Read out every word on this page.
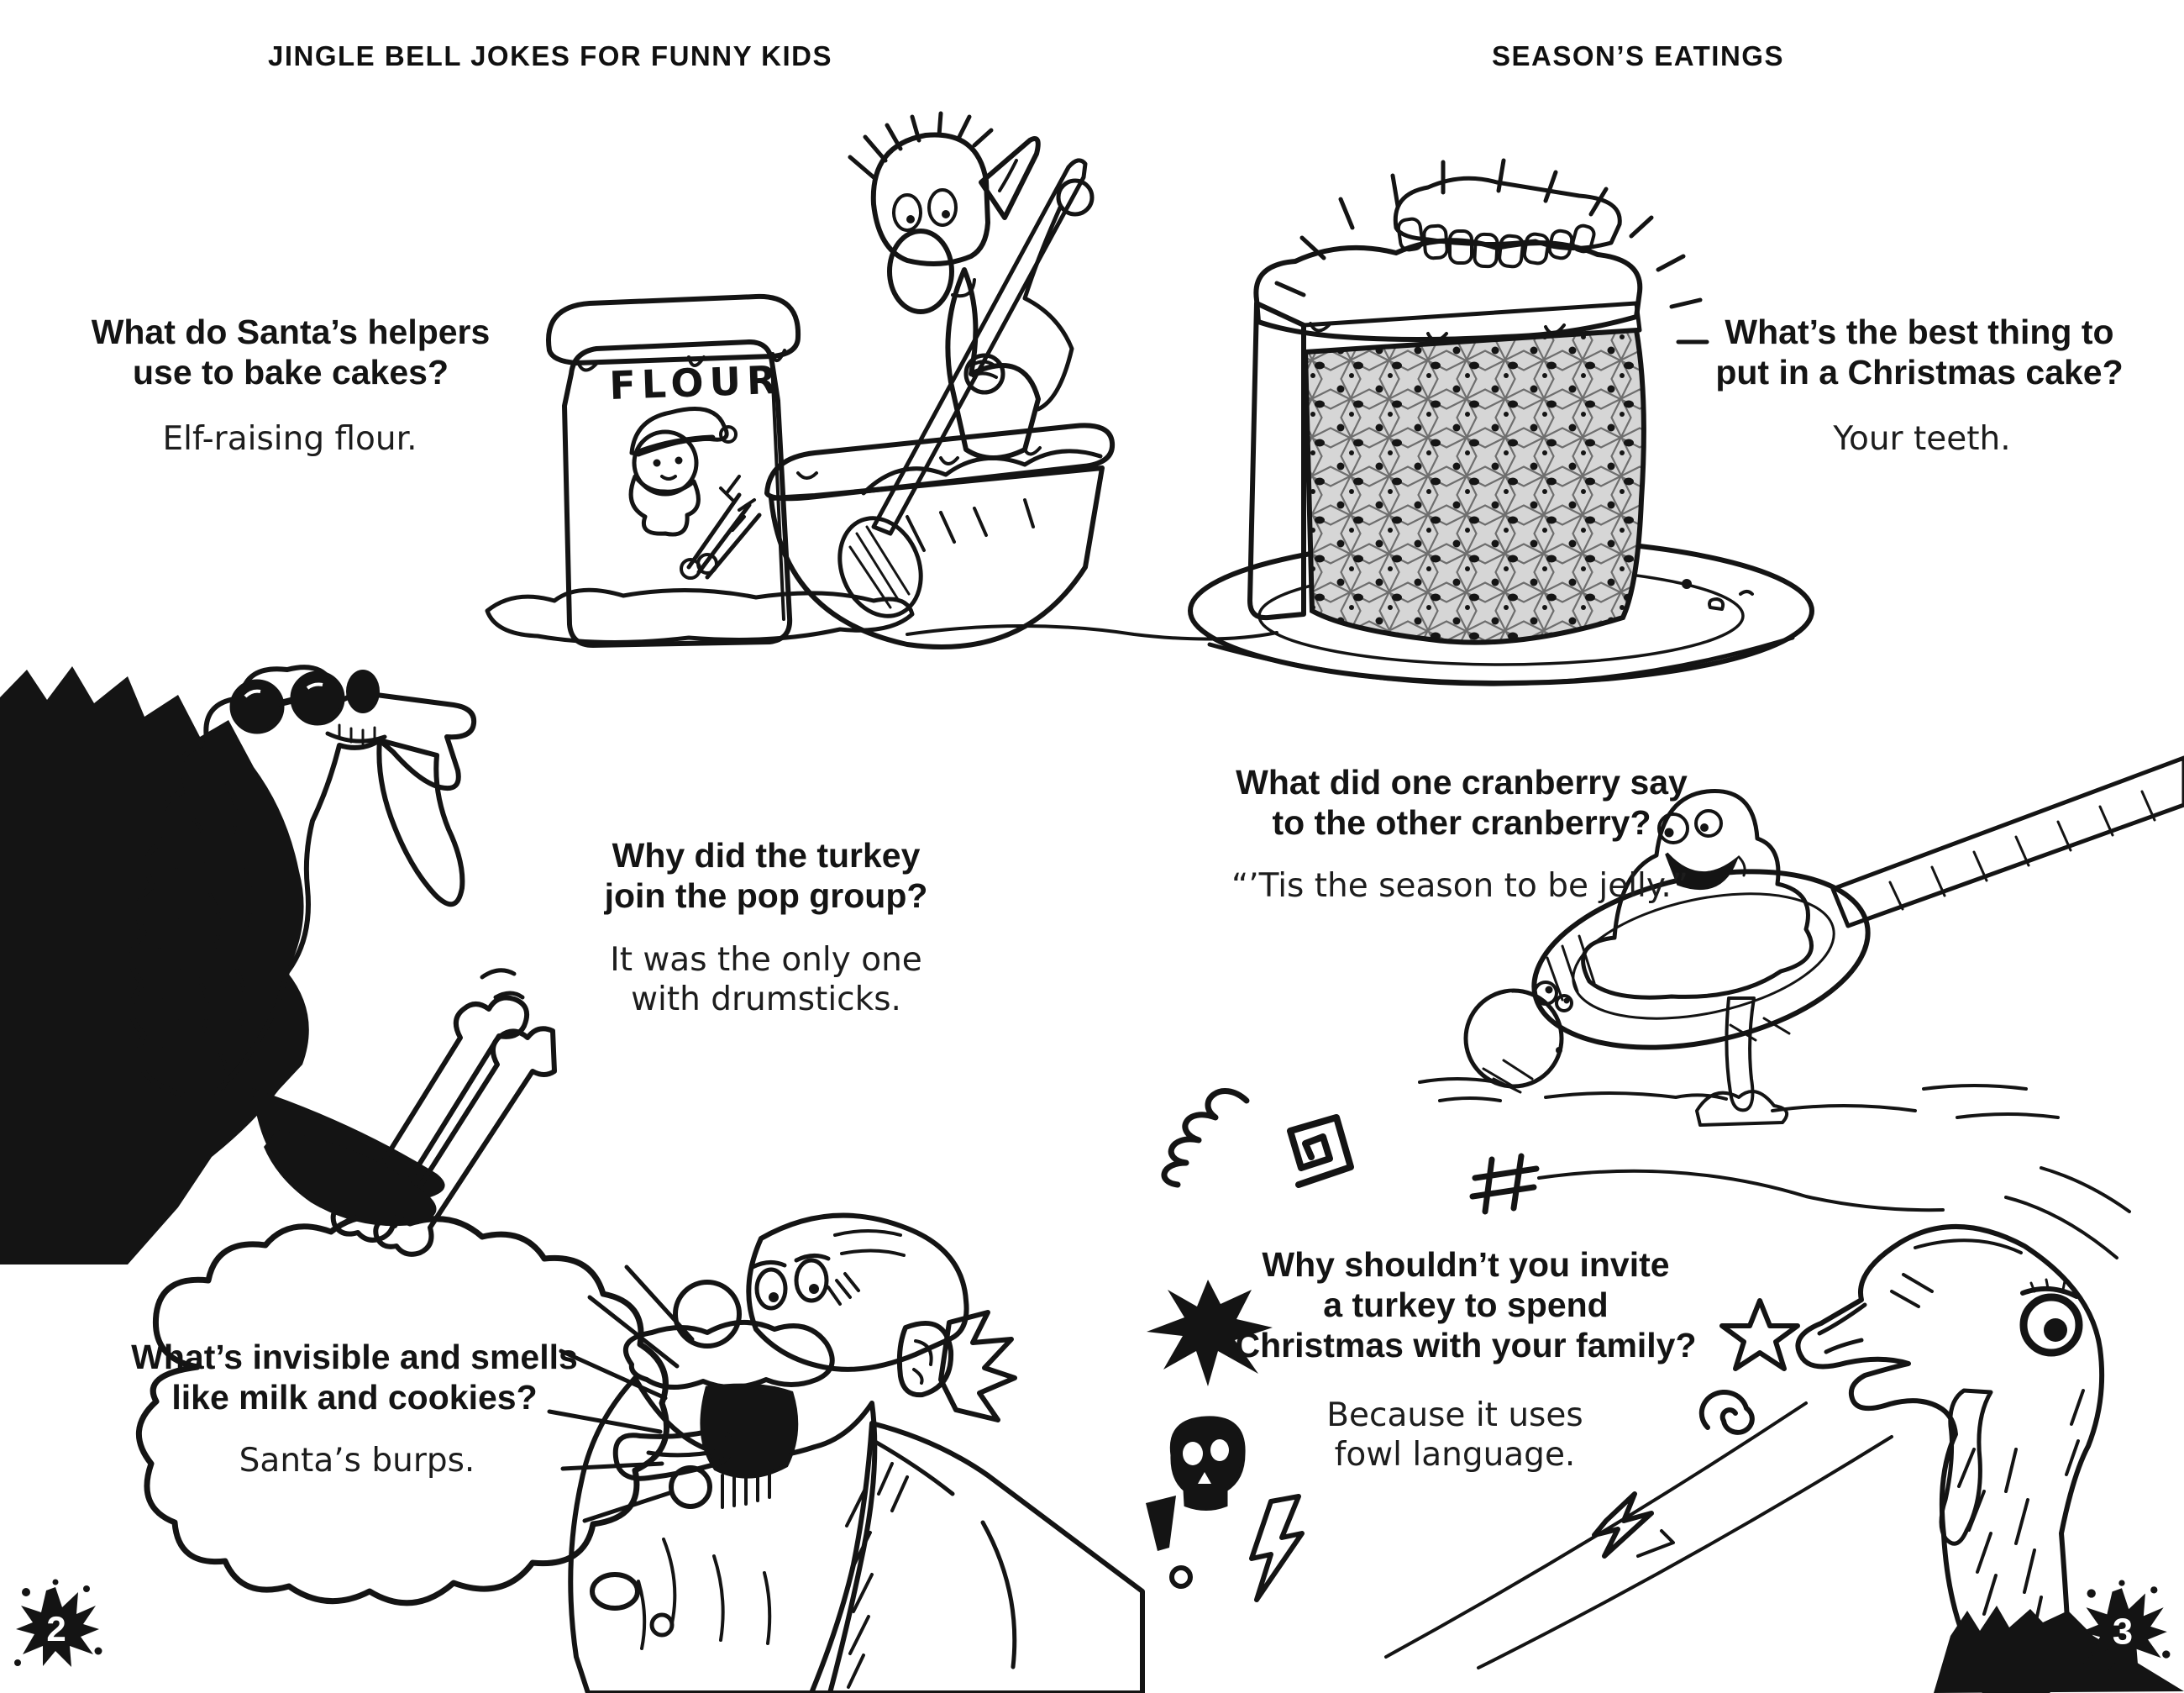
JINGLE BELL JOKES FOR FUNNY KIDS	SEASON’S EATINGS
FLOUR
What do Santa’s helpers
use to bake cakes?
Elf-raising flour.
Why did the turkey
join the pop group?
It was the only one
with drumsticks.
What’s invisible and smells
like milk and cookies?
Santa’s burps.
What’s the best thing to
put in a Christmas cake?
Your teeth.
What did one cranberry say
to the other cranberry?
“’Tis the season to be jelly.”
Why shouldn’t you invite
a turkey to spend
Christmas with your family?
Because it uses
fowl language.
2	3
